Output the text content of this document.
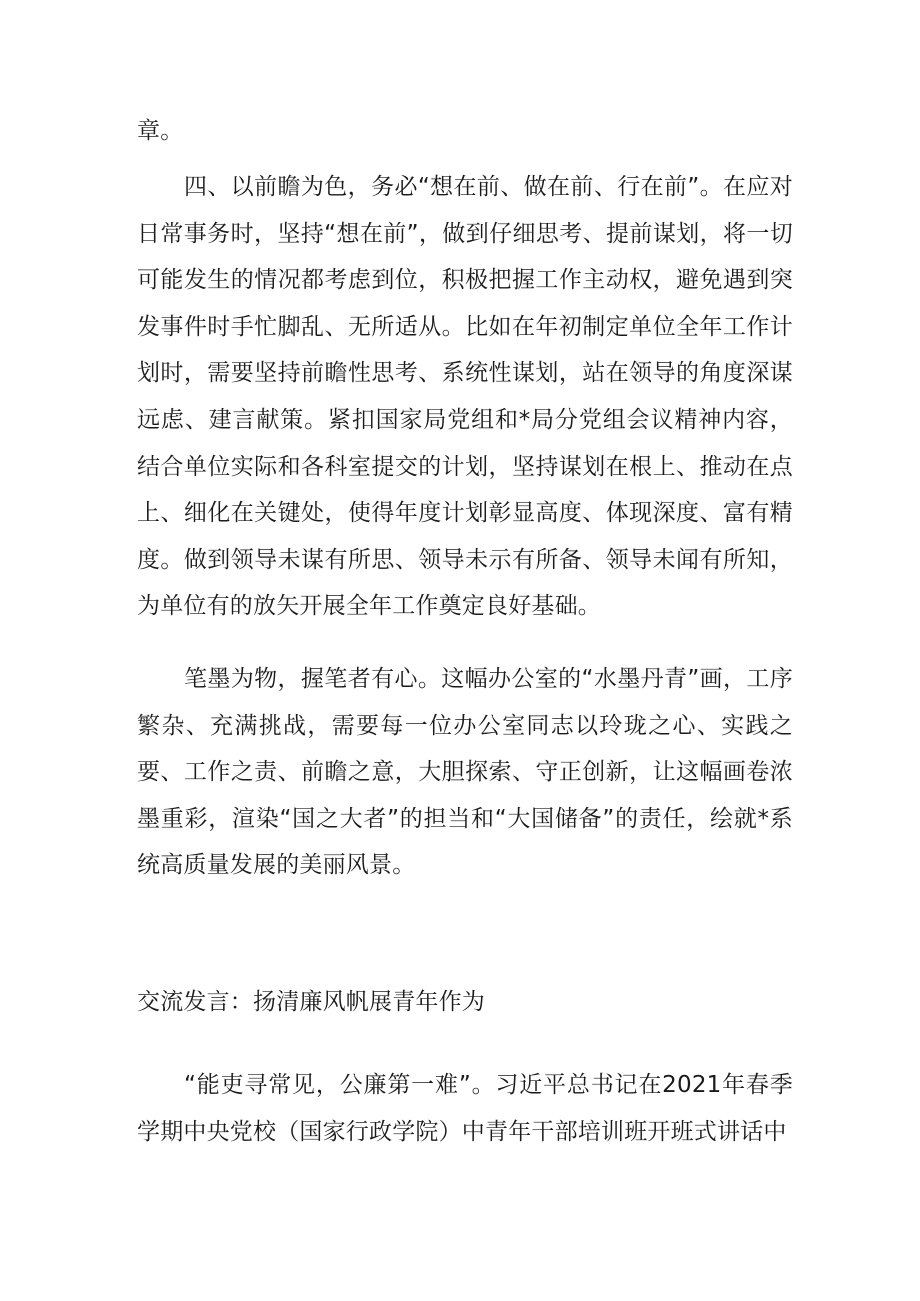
章。

四、以前瞻为色，务必“想在前、做在前、行在前”。在应对日常事务时，坚持“想在前”，做到仔细思考、提前谋划，将一切可能发生的情况都考虑到位，积极把握工作主动权，避免遇到突发事件时手忙脚乱、无所适从。比如在年初制定单位全年工作计划时，需要坚持前瞻性思考、系统性谋划，站在领导的角度深谋远虑、建言献策。紧扣国家局党组和*局分党组会议精神内容，结合单位实际和各科室提交的计划，坚持谋划在根上、推动在点上、细化在关键处，使得年度计划彰显高度、体现深度、富有精度。做到领导未谋有所思、领导未示有所备、领导未闻有所知，为单位有的放矢开展全年工作奠定良好基础。

笔墨为物，握笔者有心。这幅办公室的“水墨丹青”画，工序繁杂、充满挑战，需要每一位办公室同志以玲珑之心、实践之要、工作之责、前瞻之意，大胆探索、守正创新，让这幅画卷浓墨重彩，渲染“国之大者”的担当和“大国储备”的责任，绘就*系统高质量发展的美丽风景。

交流发言：扬清廉风帆展青年作为

“能吏寻常见，公廉第一难”。习近平总书记在2021年春季学期中央党校（国家行政学院）中青年干部培训班开班式讲话中
